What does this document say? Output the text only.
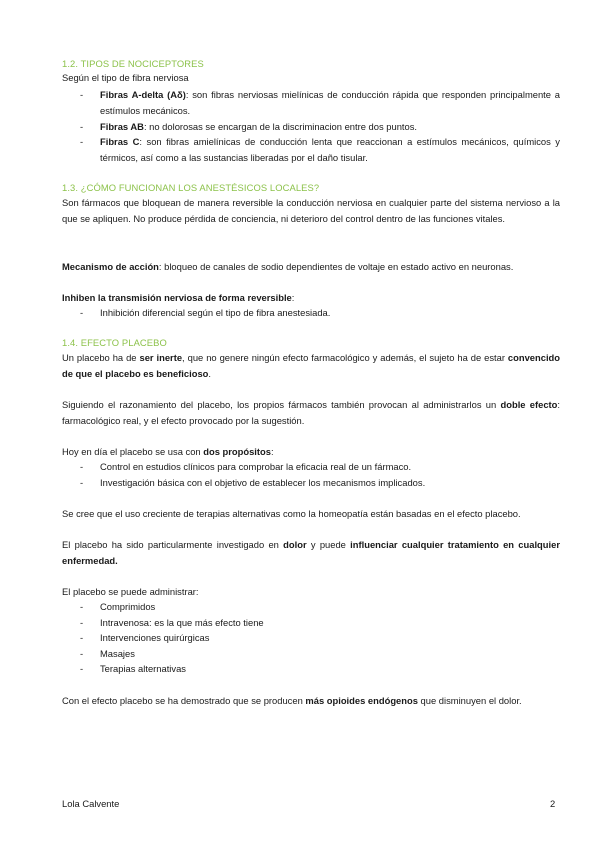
1.2. TIPOS DE NOCICEPTORES
Según el tipo de fibra nerviosa
-	Fibras A-delta (Aδ): son fibras nerviosas mielínicas de conducción rápida que responden principalmente a estímulos mecánicos.
-	Fibras AB: no dolorosas se encargan de la discriminacion entre dos puntos.
-	Fibras C: son fibras amielínicas de conducción lenta que reaccionan a estímulos mecánicos, químicos y térmicos, así como a las sustancias liberadas por el daño tisular.
1.3. ¿CÓMO FUNCIONAN LOS ANESTÉSICOS LOCALES?
Son fármacos que bloquean de manera reversible la conducción nerviosa en cualquier parte del sistema nervioso a la que se apliquen. No produce pérdida de conciencia, ni deterioro del control dentro de las funciones vitales.
Mecanismo de acción: bloqueo de canales de sodio dependientes de voltaje en estado activo en neuronas.
Inhiben la transmisión nerviosa de forma reversible:
-	Inhibición diferencial según el tipo de fibra anestesiada.
1.4. EFECTO PLACEBO
Un placebo ha de ser inerte, que no genere ningún efecto farmacológico y además, el sujeto ha de estar convencido de que el placebo es beneficioso.
Siguiendo el razonamiento del placebo, los propios fármacos también provocan al administrarlos un doble efecto: farmacológico real, y el efecto provocado por la sugestión.
Hoy en día el placebo se usa con dos propósitos:
-	Control en estudios clínicos para comprobar la eficacia real de un fármaco.
-	Investigación básica con el objetivo de establecer los mecanismos implicados.
Se cree que el uso creciente de terapias alternativas como la homeopatía están basadas en el efecto placebo.
El placebo ha sido particularmente investigado en dolor y puede influenciar cualquier tratamiento en cualquier enfermedad.
El placebo se puede administrar:
-	Comprimidos
-	Intravenosa: es la que más efecto tiene
-	Intervenciones quirúrgicas
-	Masajes
-	Terapias alternativas
Con el efecto placebo se ha demostrado que se producen más opioides endógenos que disminuyen el dolor.
Lola Calvente	2
